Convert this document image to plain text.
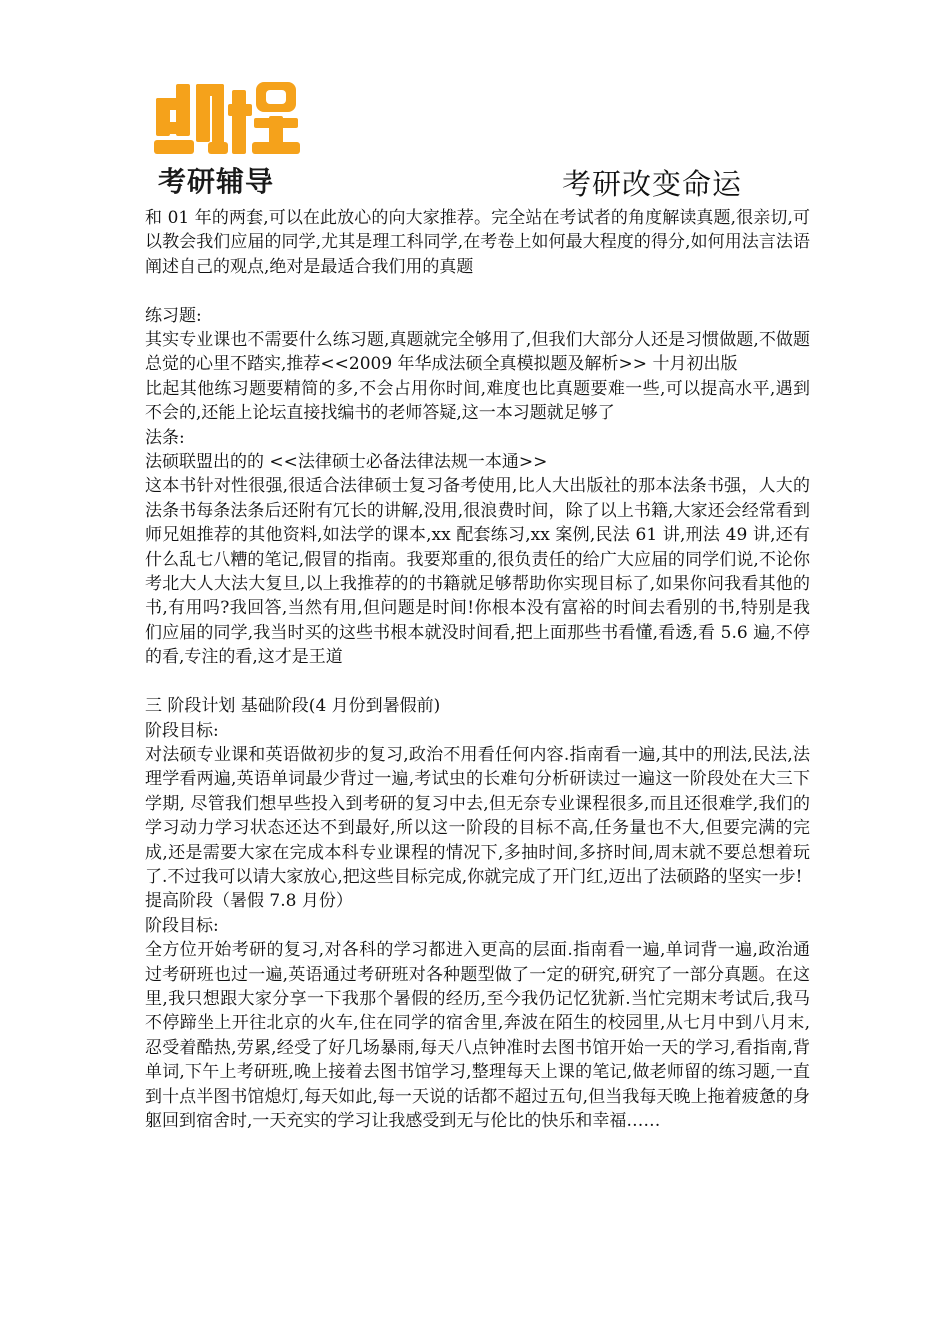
考研辅导	考研改变命运

和 01 年的两套,可以在此放心的向大家推荐。完全站在考试者的角度解读真题,很亲切,可以教会我们应届的同学,尤其是理工科同学,在考卷上如何最大程度的得分,如何用法言法语阐述自己的观点,绝对是最适合我们用的真题

练习题:

其实专业课也不需要什么练习题,真题就完全够用了,但我们大部分人还是习惯做题,不做题总觉的心里不踏实,推荐<<2009 年华成法硕全真模拟题及解析>> 十月初出版

比起其他练习题要精简的多,不会占用你时间,难度也比真题要难一些,可以提高水平,遇到不会的,还能上论坛直接找编书的老师答疑,这一本习题就足够了

法条:

法硕联盟出的的 <<法律硕士必备法律法规一本通>>

这本书针对性很强,很适合法律硕士复习备考使用,比人大出版社的那本法条书强，人大的法条书每条法条后还附有冗长的讲解,没用,很浪费时间，除了以上书籍,大家还会经常看到师兄姐推荐的其他资料,如法学的课本,xx 配套练习,xx 案例,民法 61 讲,刑法 49 讲,还有什么乱七八糟的笔记,假冒的指南。我要郑重的,很负责任的给广大应届的同学们说,不论你考北大人大法大复旦,以上我推荐的的书籍就足够帮助你实现目标了,如果你问我看其他的书,有用吗?我回答,当然有用,但问题是时间!你根本没有富裕的时间去看别的书,特别是我们应届的同学,我当时买的这些书根本就没时间看,把上面那些书看懂,看透,看 5.6 遍,不停的看,专注的看,这才是王道

三 阶段计划 基础阶段(4 月份到暑假前)

阶段目标:

对法硕专业课和英语做初步的复习,政治不用看任何内容.指南看一遍,其中的刑法,民法,法理学看两遍,英语单词最少背过一遍,考试虫的长难句分析研读过一遍这一阶段处在大三下学期, 尽管我们想早些投入到考研的复习中去,但无奈专业课程很多,而且还很难学,我们的学习动力学习状态还达不到最好,所以这一阶段的目标不高,任务量也不大,但要完满的完成,还是需要大家在完成本科专业课程的情况下,多抽时间,多挤时间,周末就不要总想着玩了.不过我可以请大家放心,把这些目标完成,你就完成了开门红,迈出了法硕路的坚实一步!

提高阶段（暑假 7.8 月份）

阶段目标:

全方位开始考研的复习,对各科的学习都进入更高的层面.指南看一遍,单词背一遍,政治通过考研班也过一遍,英语通过考研班对各种题型做了一定的研究,研究了一部分真题。在这里,我只想跟大家分享一下我那个暑假的经历,至今我仍记忆犹新.当忙完期末考试后,我马不停蹄坐上开往北京的火车,住在同学的宿舍里,奔波在陌生的校园里,从七月中到八月末,忍受着酷热,劳累,经受了好几场暴雨,每天八点钟准时去图书馆开始一天的学习,看指南,背单词,下午上考研班,晚上接着去图书馆学习,整理每天上课的笔记,做老师留的练习题,一直到十点半图书馆熄灯,每天如此,每一天说的话都不超过五句,但当我每天晚上拖着疲惫的身躯回到宿舍时,一天充实的学习让我感受到无与伦比的快乐和幸福……
